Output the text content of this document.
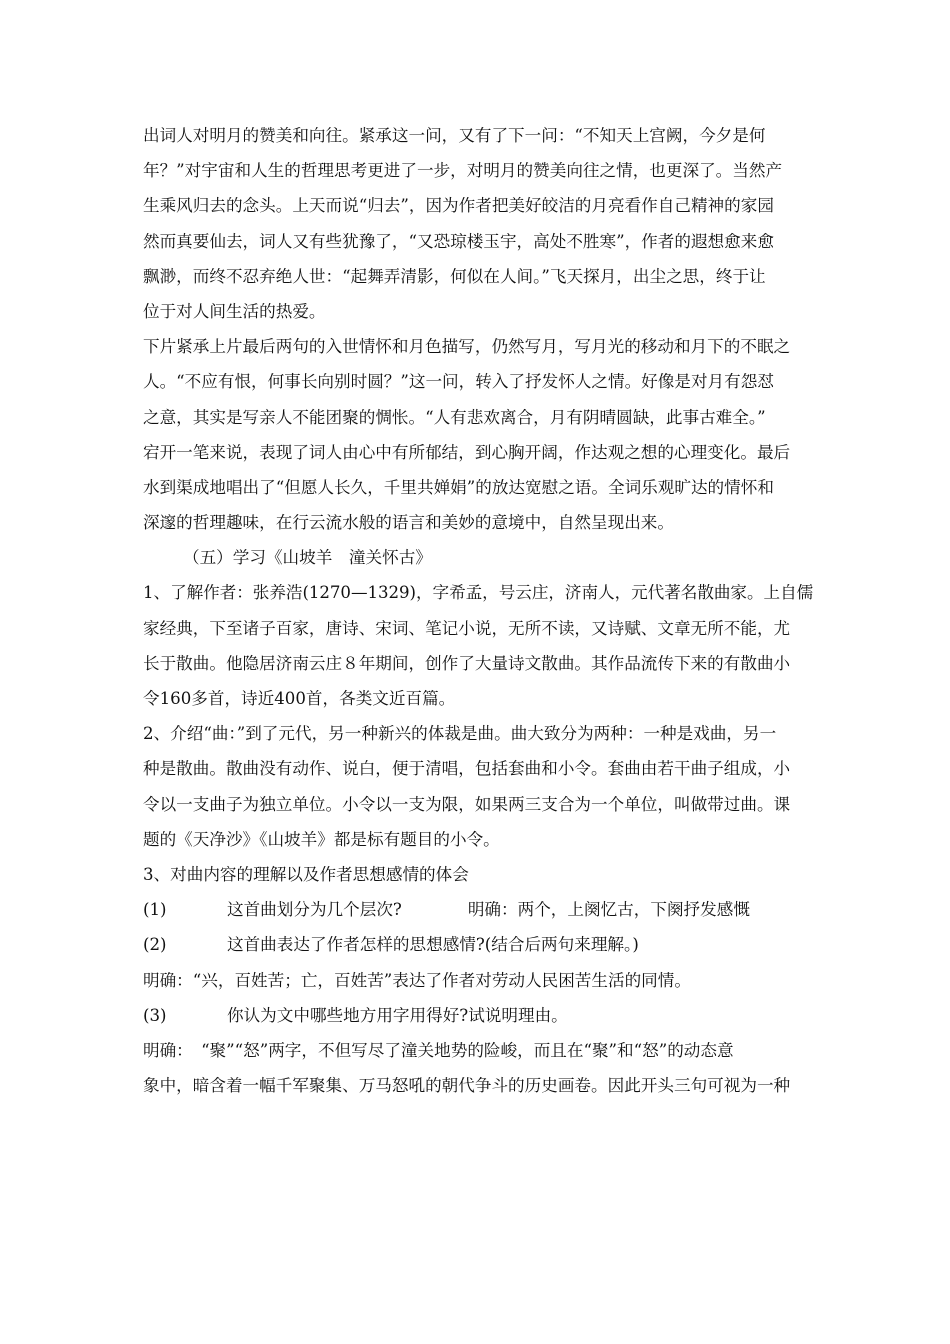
出词人对明月的赞美和向往。紧承这一问，又有了下一问：“不知天上宫阙，今夕是何
年？”对宇宙和人生的哲理思考更进了一步，对明月的赞美向往之情，也更深了。当然产
生乘风归去的念头。上天而说“归去”，因为作者把美好皎洁的月亮看作自己精神的家园
然而真要仙去，词人又有些犹豫了，“又恐琼楼玉宇，高处不胜寒”，作者的遐想愈来愈
飘渺，而终不忍弃绝人世：“起舞弄清影，何似在人间。”飞天探月，出尘之思，终于让
位于对人间生活的热爱。
下片紧承上片最后两句的入世情怀和月色描写，仍然写月，写月光的移动和月下的不眠之
人。“不应有恨，何事长向别时圆？”这一问，转入了抒发怀人之情。好像是对月有怨怼
之意，其实是写亲人不能团聚的惆怅。“人有悲欢离合，月有阴晴圆缺，此事古难全。”
宕开一笔来说，表现了词人由心中有所郁结，到心胸开阔，作达观之想的心理变化。最后
水到渠成地唱出了“但愿人长久，千里共婵娟”的放达宽慰之语。全词乐观旷达的情怀和
深邃的哲理趣味，在行云流水般的语言和美妙的意境中，自然呈现出来。
（五）学习《山坡羊　潼关怀古》
1、了解作者：张养浩(1270—1329)，字希孟，号云庄，济南人，元代著名散曲家。上自儒
家经典，下至诸子百家，唐诗、宋词、笔记小说，无所不读，又诗赋、文章无所不能，尤
长于散曲。他隐居济南云庄８年期间，创作了大量诗文散曲。其作品流传下来的有散曲小
令160多首，诗近400首，各类文近百篇。
2、介绍“曲：”到了元代，另一种新兴的体裁是曲。曲大致分为两种：一种是戏曲，另一
种是散曲。散曲没有动作、说白，便于清唱，包括套曲和小令。套曲由若干曲子组成，小
令以一支曲子为独立单位。小令以一支为限，如果两三支合为一个单位，叫做带过曲。课
题的《天净沙》《山坡羊》都是标有题目的小令。
3、对曲内容的理解以及作者思想感情的体会
(1)	这首曲划分为几个层次?	明确：两个，上阕忆古，下阕抒发感慨
(2)	这首曲表达了作者怎样的思想感情?(结合后两句来理解。)
明确：“兴，百姓苦；亡，百姓苦”表达了作者对劳动人民困苦生活的同情。
(3)	你认为文中哪些地方用字用得好?试说明理由。
明确：　“聚”“怒”两字，不但写尽了潼关地势的险峻，而且在“聚”和“怒”的动态意
象中，暗含着一幅千军聚集、万马怒吼的朝代争斗的历史画卷。因此开头三句可视为一种
